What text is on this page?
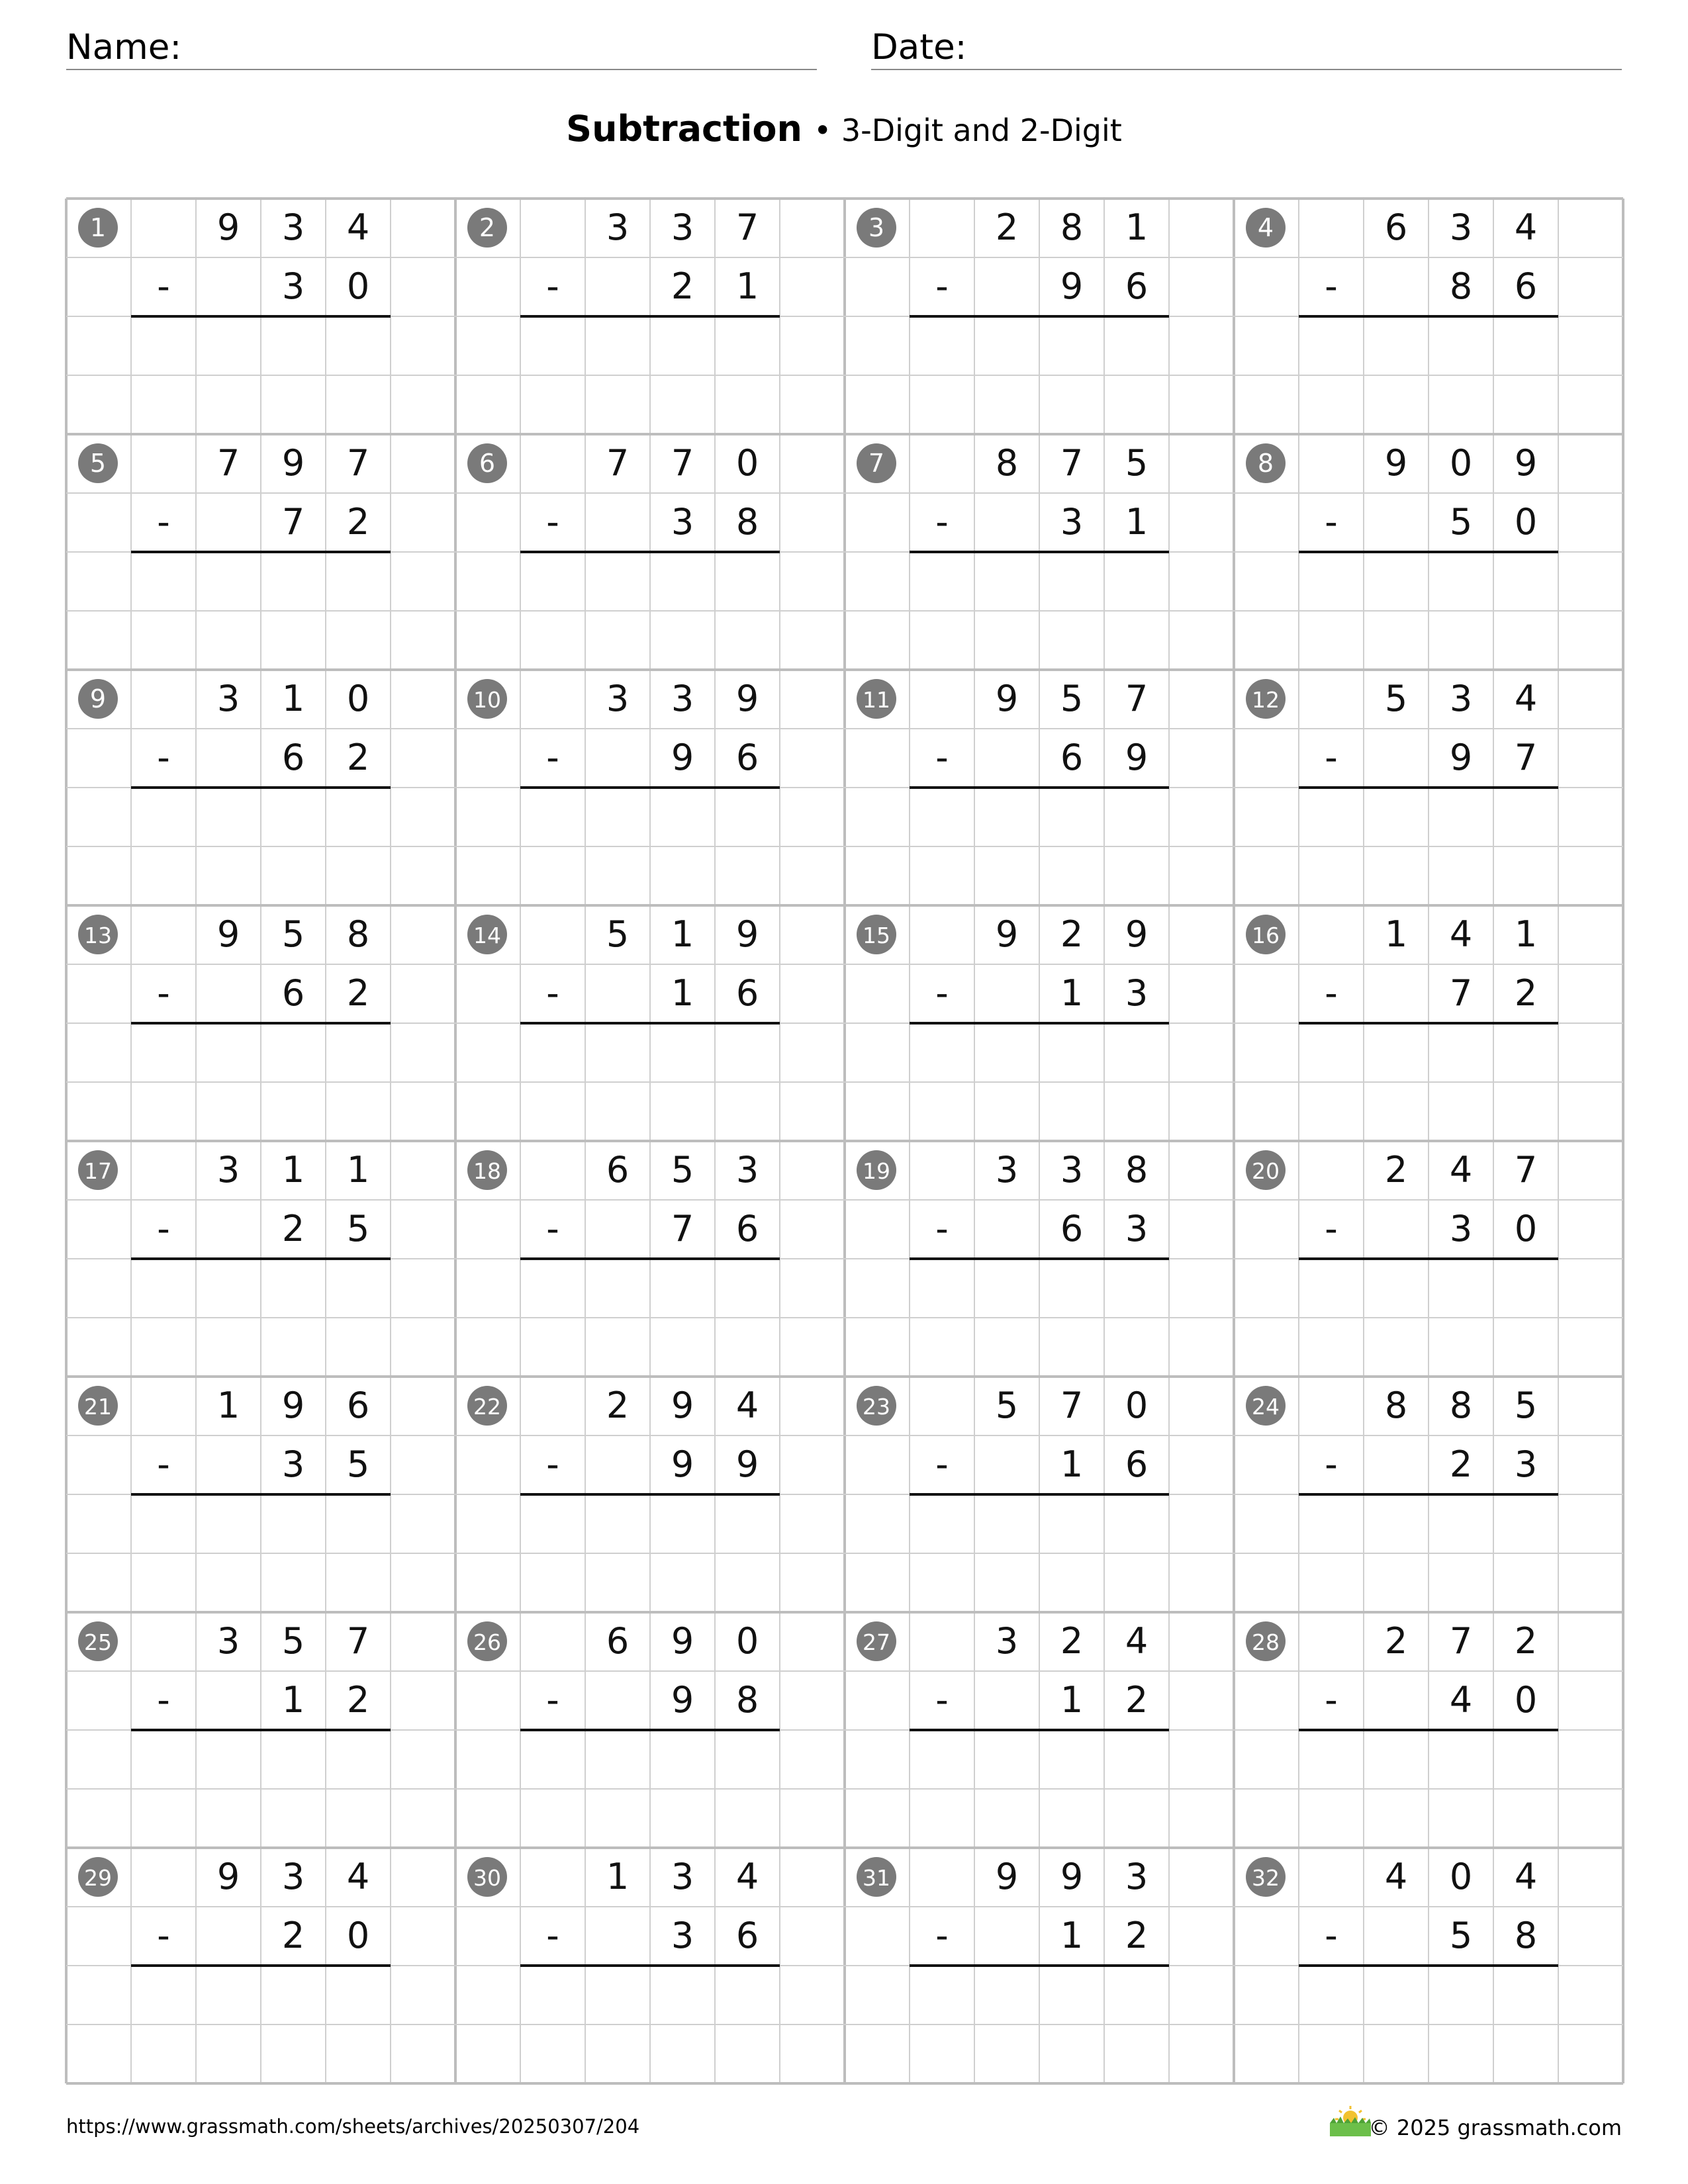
Name:	Date:
Subtraction • 3-Digit and 2-Digit
1	9 3 4
-	3 0
2	3 3 7
-	2 1
3	2 8 1
-	9 6
4	6 3 4
-	8 6
5	7 9 7
-	7 2
6	7 7 0
-	3 8
7	8 7 5
-	3 1
8	9 0 9
-	5 0
9	3 1 0
-	6 2
10	3 3 9
-	9 6
11	9 5 7
-	6 9
12	5 3 4
-	9 7
13	9 5 8
-	6 2
14	5 1 9
-	1 6
15	9 2 9
-	1 3
16	1 4 1
-	7 2
17	3 1 1
-	2 5
18	6 5 3
-	7 6
19	3 3 8
-	6 3
20	2 4 7
-	3 0
21	1 9 6
-	3 5
22	2 9 4
-	9 9
23	5 7 0
-	1 6
24	8 8 5
-	2 3
25	3 5 7
-	1 2
26	6 9 0
-	9 8
27	3 2 4
-	1 2
28	2 7 2
-	4 0
29	9 3 4
-	2 0
30	1 3 4
-	3 6
31	9 9 3
-	1 2
32	4 0 4
-	5 8
https://www.grassmath.com/sheets/archives/20250307/204	© 2025 grassmath.com
